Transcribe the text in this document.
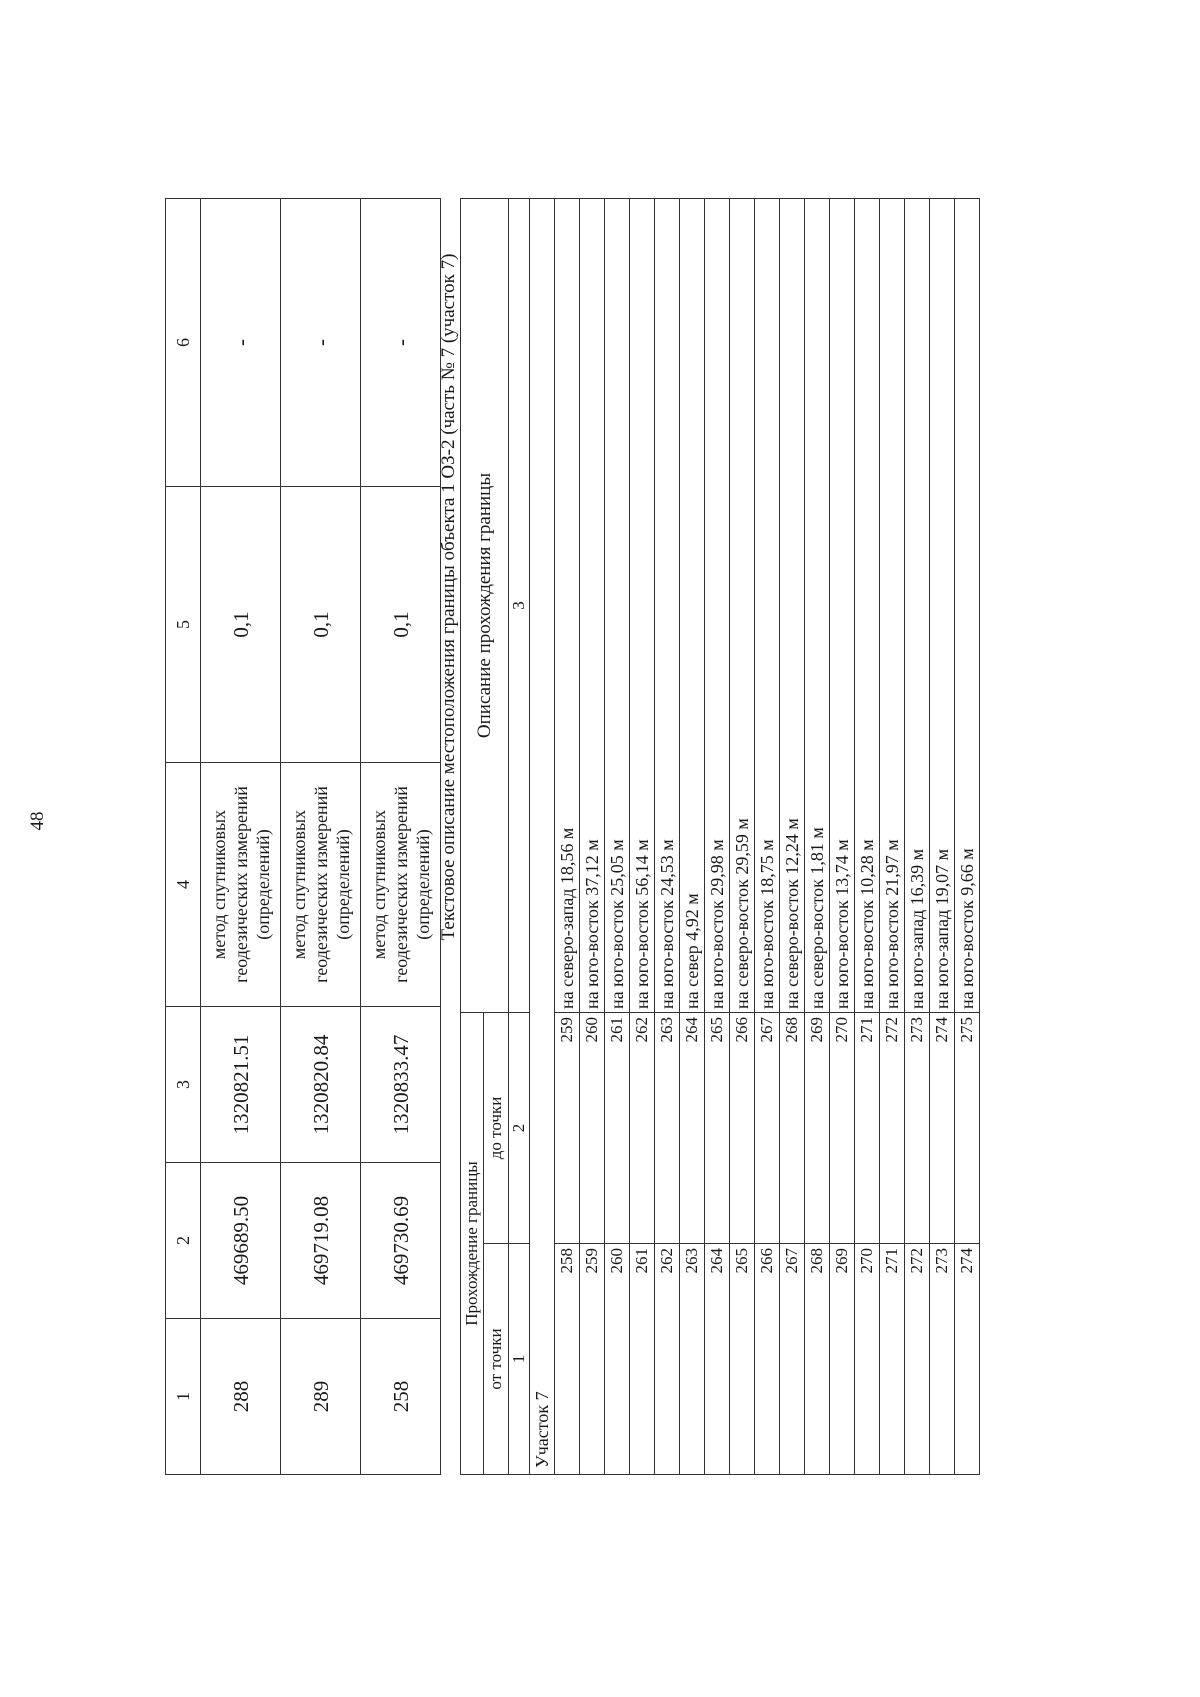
48
1	2	3	4	5	6
288	469689.50	1320821.51	метод спутниковых геодезических измерений (определений)	0,1	-
289	469719.08	1320820.84	метод спутниковых геодезических измерений (определений)	0,1	-
258	469730.69	1320833.47	метод спутниковых геодезических измерений (определений)	0,1	- Текстовое описание местоположения границы объекта 1 ОЗ-2 (часть № 7 (участок 7)
Прохождение границы		Описание прохождения границы
от точки	до точки	
1	2	3
Участок 7		
258	259	на северо-запад 18,56 м
259	260	на юго-восток 37,12 м
260	261	на юго-восток 25,05 м
261	262	на юго-восток 56,14 м
262	263	на юго-восток 24,53 м
263	264	на север 4,92 м
264	265	на юго-восток 29,98 м
265	266	на северо-восток 29,59 м
266	267	на юго-восток 18,75 м
267	268	на северо-восток 12,24 м
268	269	на северо-восток 1,81 м
269	270	на юго-восток 13,74 м
270	271	на юго-восток 10,28 м
271	272	на юго-восток 21,97 м
272	273	на юго-запад 16,39 м
273	274	на юго-запад 19,07 м
274	275	на юго-восток 9,66 м
